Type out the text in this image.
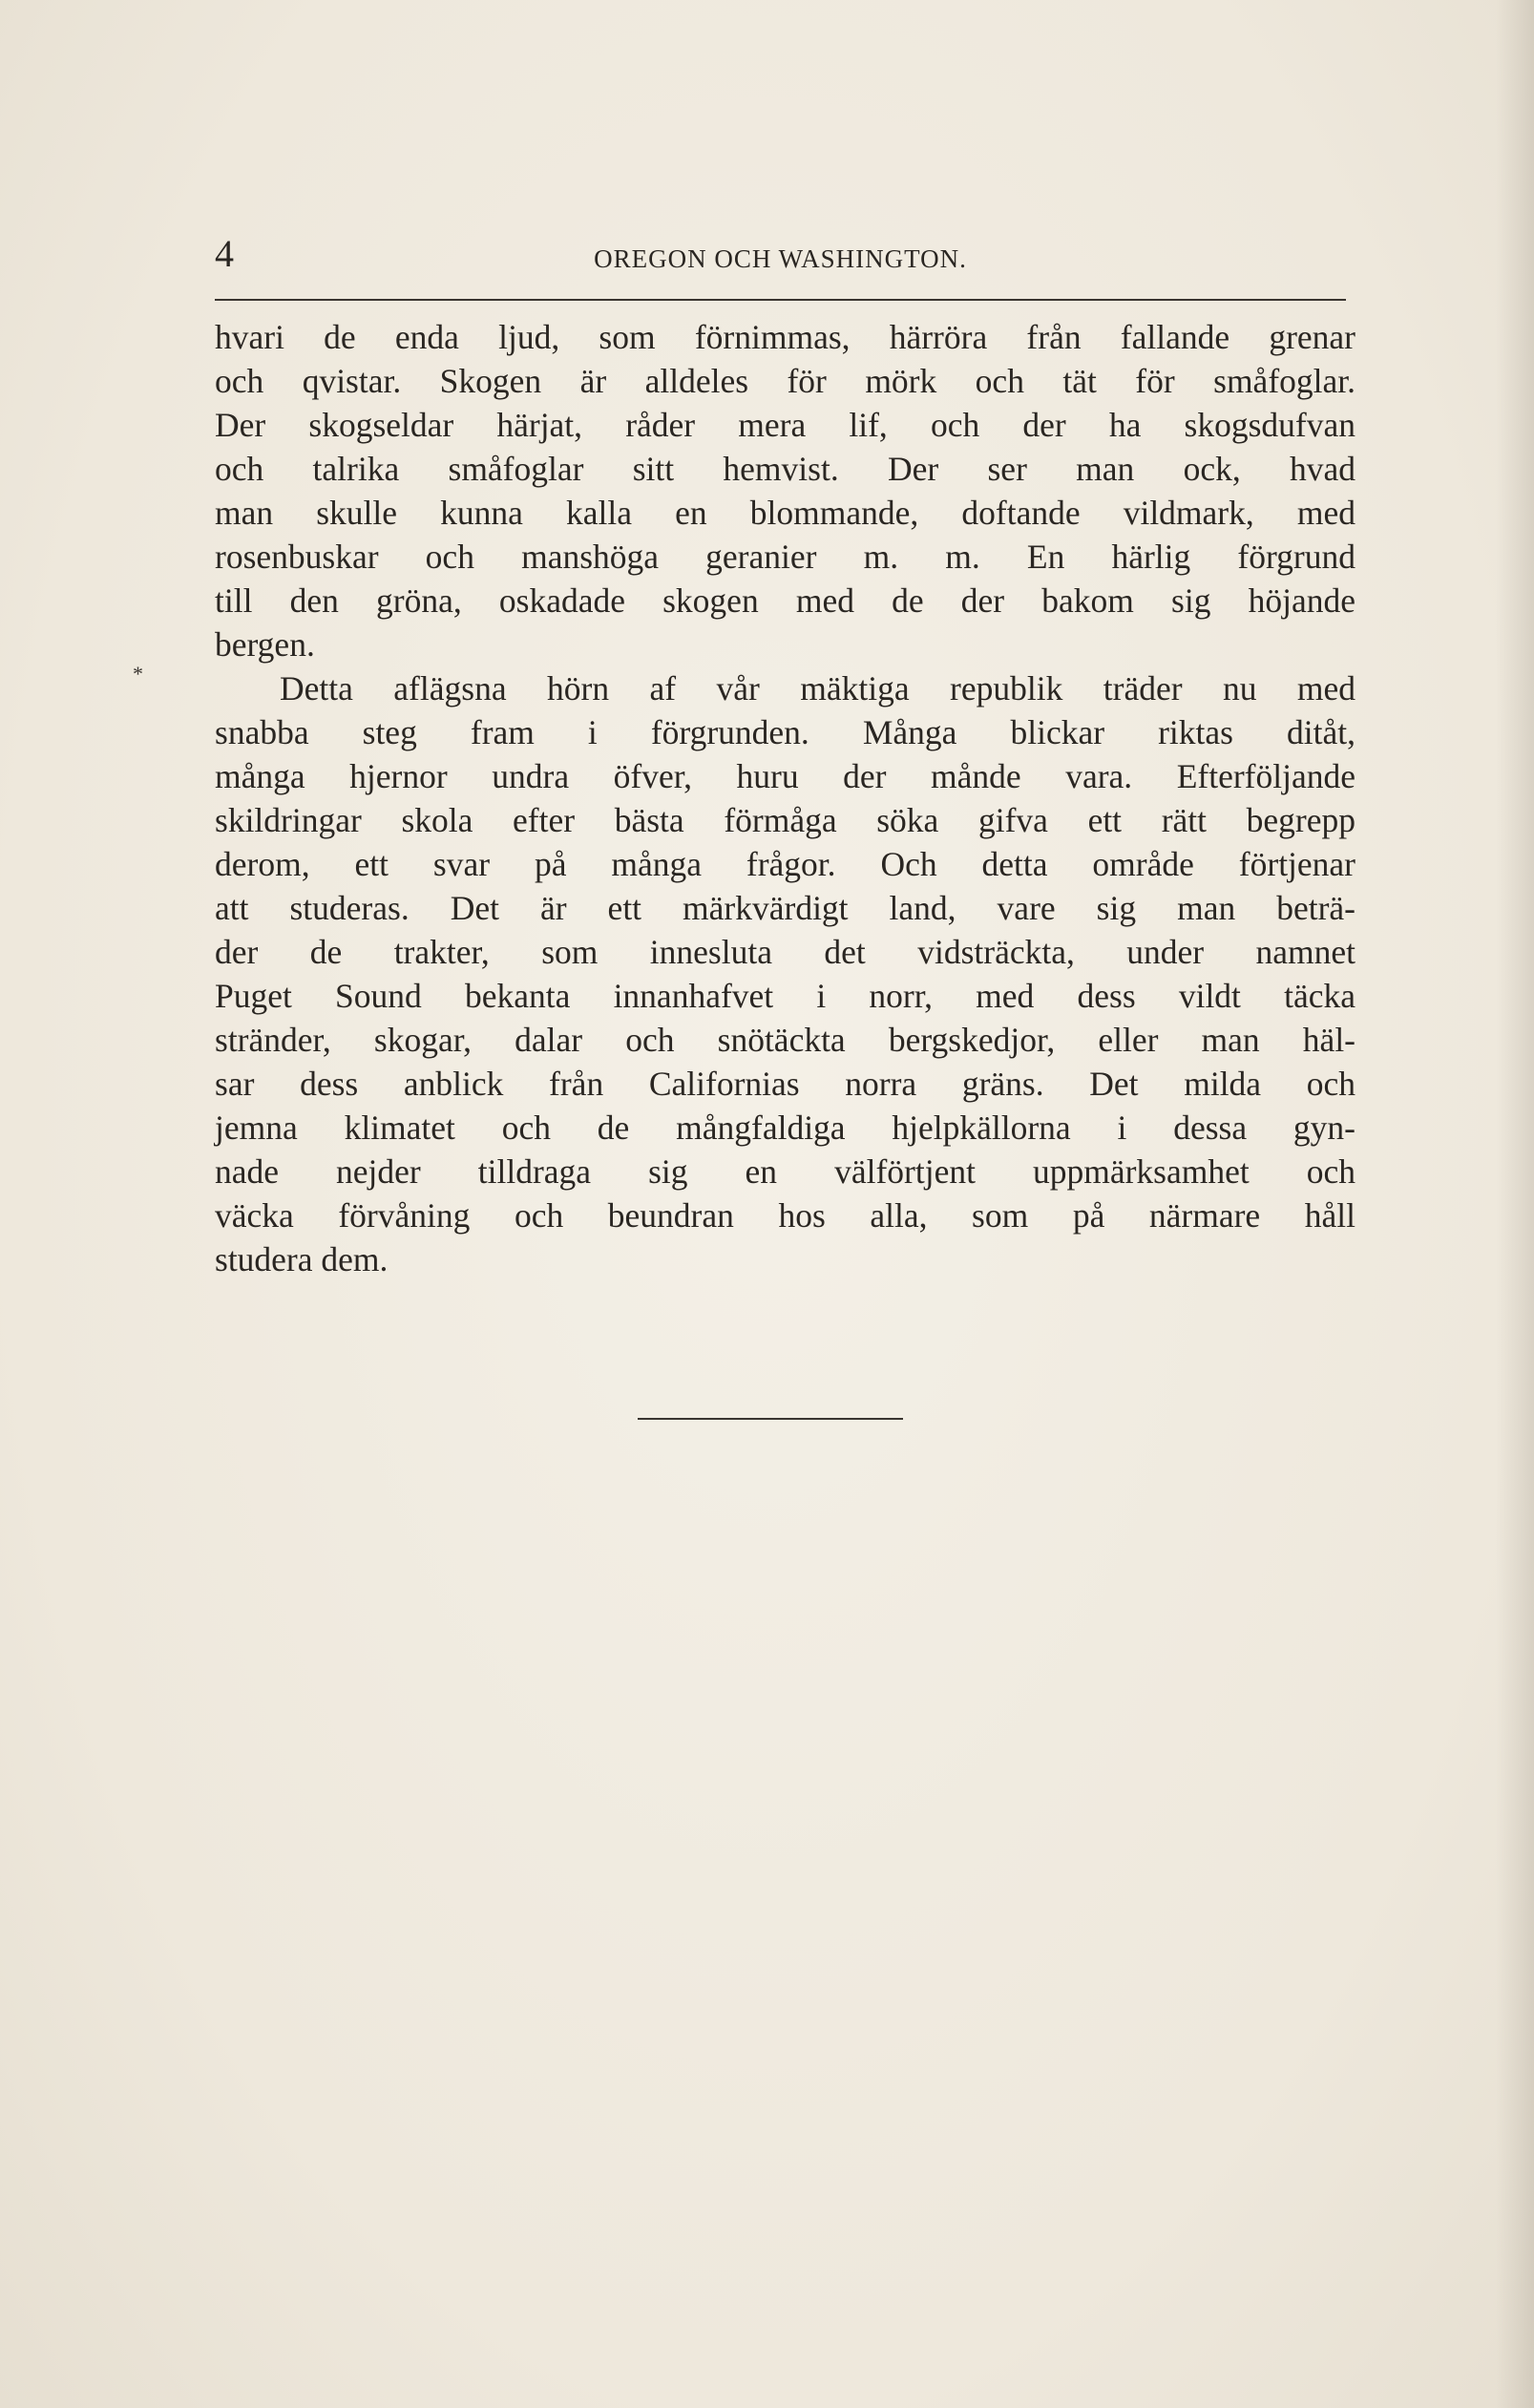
4	OREGON OCH WASHINGTON.
*
hvari de enda ljud, som förnimmas, härröra från fallande grenar
och qvistar. Skogen är alldeles för mörk och tät för småfoglar.
Der skogseldar härjat, råder mera lif, och der ha skogsdufvan
och talrika småfoglar sitt hemvist. Der ser man ock, hvad
man skulle kunna kalla en blommande, doftande vildmark, med
rosenbuskar och manshöga geranier m. m. En härlig förgrund
till den gröna, oskadade skogen med de der bakom sig höjande
bergen.
Detta aflägsna hörn af vår mäktiga republik träder nu med
snabba steg fram i förgrunden. Många blickar riktas ditåt,
många hjernor undra öfver, huru der månde vara. Efterföljande
skildringar skola efter bästa förmåga söka gifva ett rätt begrepp
derom, ett svar på många frågor. Och detta område förtjenar
att studeras. Det är ett märkvärdigt land, vare sig man beträ-
der de trakter, som innesluta det vidsträckta, under namnet
Puget Sound bekanta innanhafvet i norr, med dess vildt täcka
stränder, skogar, dalar och snötäckta bergskedjor, eller man häl-
sar dess anblick från Californias norra gräns. Det milda och
jemna klimatet och de mångfaldiga hjelpkällorna i dessa gyn-
nade nejder tilldraga sig en välförtjent uppmärksamhet och
väcka förvåning och beundran hos alla, som på närmare håll
studera dem.
